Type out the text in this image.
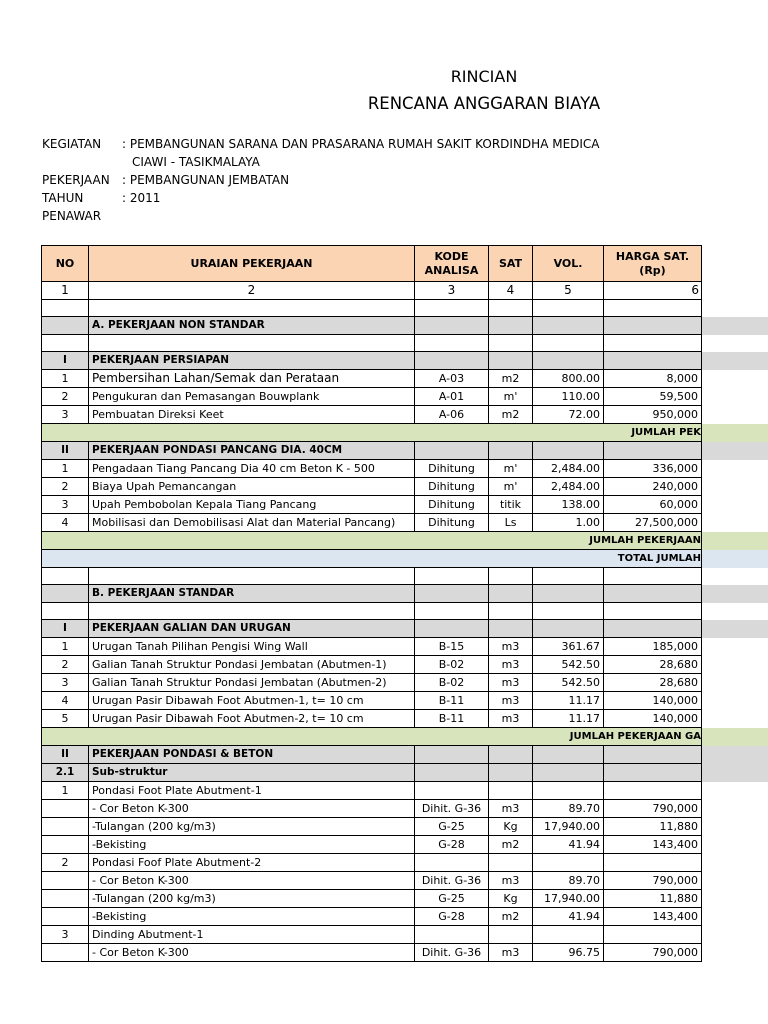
RINCIAN
RENCANA ANGGARAN BIAYA
KEGIATAN : PEMBANGUNAN SARANA DAN PRASARANA RUMAH SAKIT KORDINDHA MEDICA
CIAWI - TASIKMALAYA
PEKERJAAN : PEMBANGUNAN JEMBATAN
TAHUN	: 2011
PENAWAR
NO	URAIAN PEKERJAAN	KODE ANALISA	SAT	VOL.	HARGA SAT. (Rp)	
1	2	3	4	5	6	

	A. PEKERJAAN NON STANDAR					

I	PEKERJAAN PERSIAPAN					
1	Pembersihan Lahan/Semak dan Perataan	A-03	m2	800.00	8,000	
2	Pengukuran dan Pemasangan Bouwplank	A-01	m'	110.00	59,500	
3	Pembuatan Direksi Keet	A-06	m2	72.00	950,000	
JUMLAH PEK						
II	PEKERJAAN PONDASI PANCANG DIA. 40CM					
1	Pengadaan Tiang Pancang Dia 40 cm Beton K - 500	Dihitung	m'	2,484.00	336,000	
2	Biaya Upah Pemancangan	Dihitung	m'	2,484.00	240,000	
3	Upah Pembobolan Kepala Tiang Pancang	Dihitung	titik	138.00	60,000	
4	Mobilisasi dan Demobilisasi Alat dan Material Pancang)	Dihitung	Ls	1.00	27,500,000	
JUMLAH PEKERJAAN						
TOTAL JUMLAH						

	B. PEKERJAAN STANDAR					

I	PEKERJAAN GALIAN DAN URUGAN					
1	Urugan Tanah Pilihan Pengisi Wing Wall	B-15	m3	361.67	185,000	
2	Galian Tanah Struktur Pondasi Jembatan (Abutmen-1)	B-02	m3	542.50	28,680	
3	Galian Tanah Struktur Pondasi Jembatan (Abutmen-2)	B-02	m3	542.50	28,680	
4	Urugan Pasir Dibawah Foot Abutmen-1, t= 10 cm	B-11	m3	11.17	140,000	
5	Urugan Pasir Dibawah Foot Abutmen-2, t= 10 cm	B-11	m3	11.17	140,000	
JUMLAH PEKERJAAN GA						
II	PEKERJAAN PONDASI & BETON					
2.1	Sub-struktur					
1	Pondasi Foot Plate Abutment-1					
	- Cor Beton K-300	Dihit. G-36	m3	89.70	790,000	
	-Tulangan (200 kg/m3)	G-25	Kg	17,940.00	11,880	
	-Bekisting	G-28	m2	41.94	143,400	
2	Pondasi Foof Plate Abutment-2					
	- Cor Beton K-300	Dihit. G-36	m3	89.70	790,000	
	-Tulangan (200 kg/m3)	G-25	Kg	17,940.00	11,880	
	-Bekisting	G-28	m2	41.94	143,400	
3	Dinding Abutment-1					
	- Cor Beton K-300	Dihit. G-36	m3	96.75	790,000	
